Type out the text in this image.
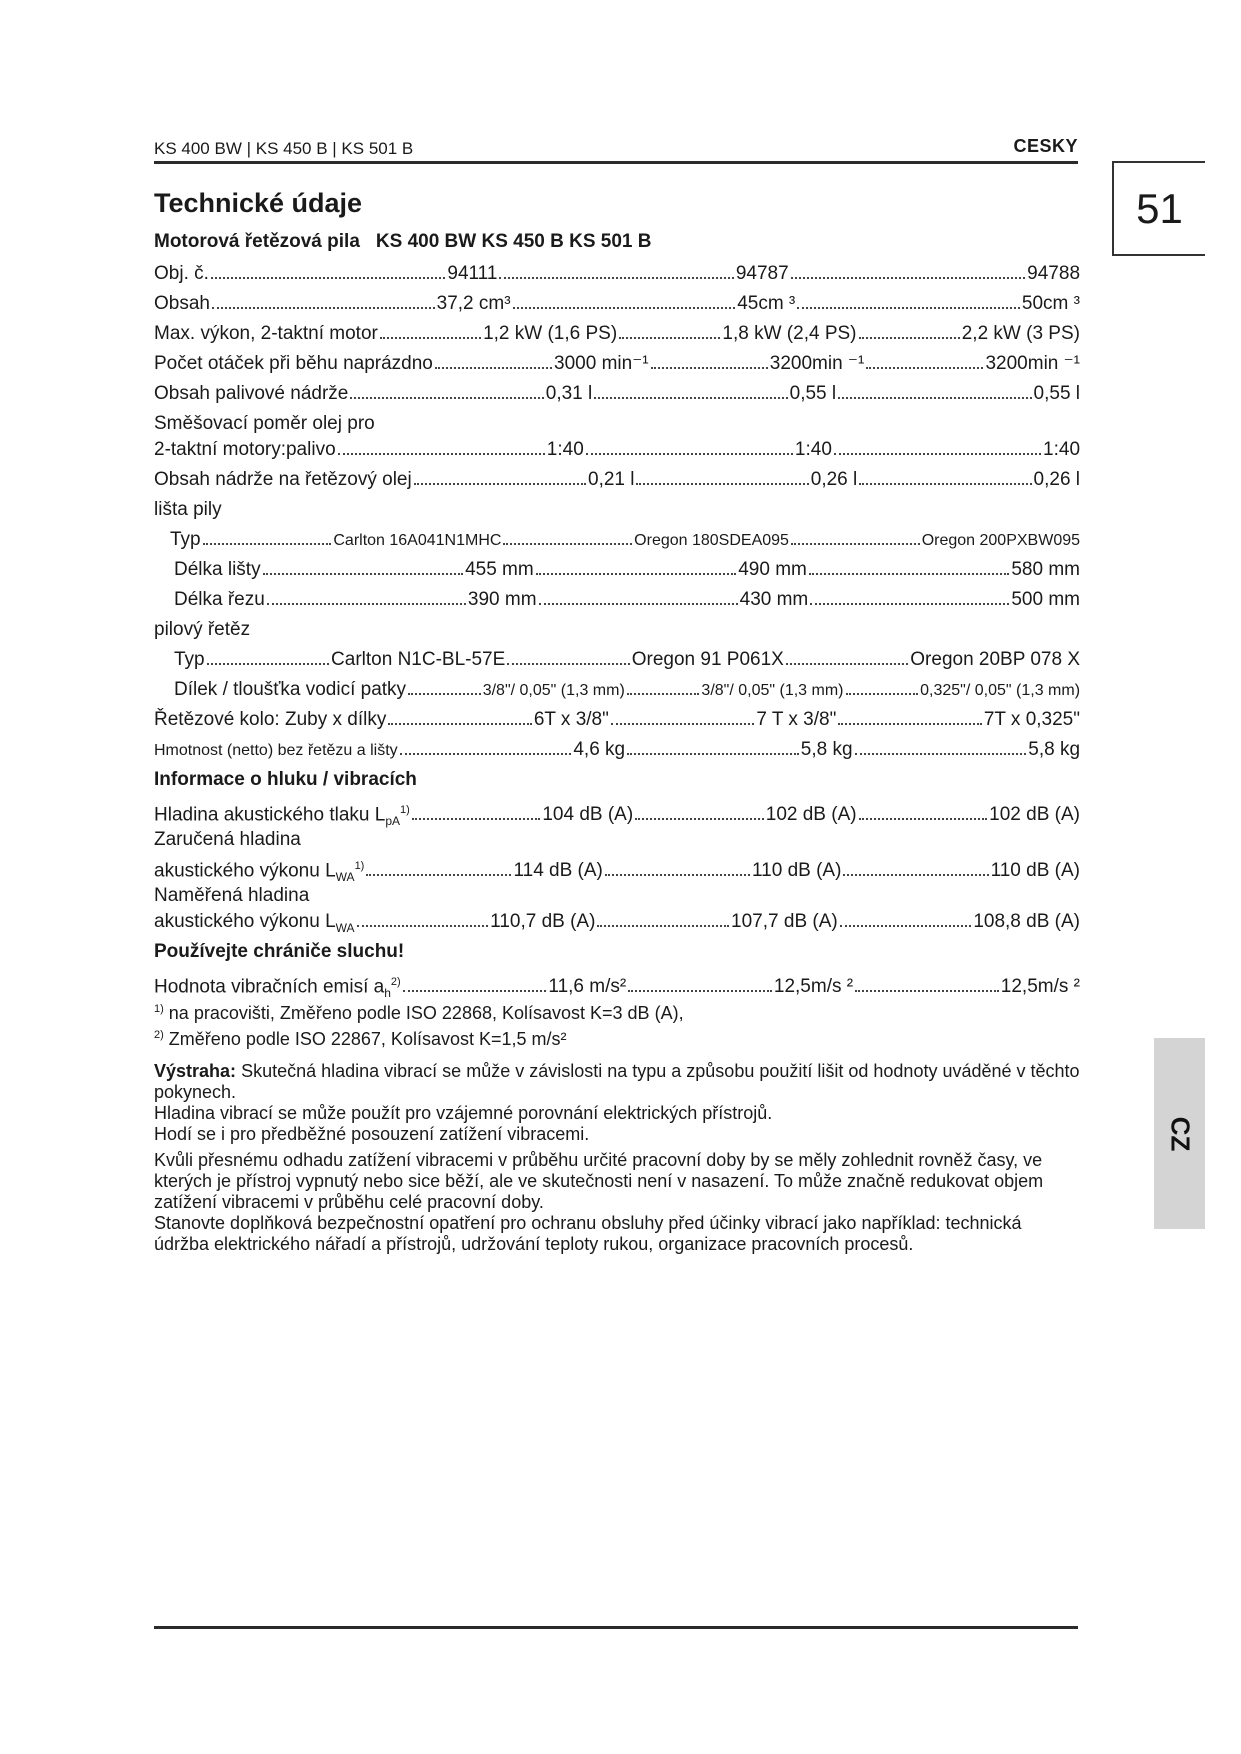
KS 400 BW | KS 450 B | KS 501 B	CESKY
51
CZ
Technické údaje
Motorová řetězová pila KS 400 BW KS 450 B KS 501 B
Obj. č.	94111	94787	94788
Obsah	37,2 cm³	45cm ³	50cm ³
Max. výkon, 2-taktní motor	1,2 kW (1,6 PS)	1,8 kW (2,4 PS)	2,2 kW (3 PS)
Počet otáček při běhu naprázdno	3000 min⁻¹	3200min ⁻¹	3200min ⁻¹
Obsah palivové nádrže	0,31 l	0,55 l	0,55 l
Směšovací poměr olej pro
2-taktní motory:palivo	1:40	1:40	1:40
Obsah nádrže na řetězový olej	0,21 l	0,26 l	0,26 l
lišta pily
Typ	Carlton 16A041N1MHC	Oregon 180SDEA095	Oregon 200PXBW095
Délka lišty	455 mm	490 mm	580 mm
Délka řezu	390 mm	430 mm	500 mm
pilový řetěz
Typ	Carlton N1C-BL-57E	Oregon 91 P061X	Oregon 20BP 078 X
Dílek / tloušťka vodicí patky	3/8"/ 0,05" (1,3 mm)	3/8"/ 0,05" (1,3 mm)	0,325"/ 0,05" (1,3 mm)
Řetězové kolo: Zuby x dílky	6T x 3/8"	7 T x 3/8"	7T x 0,325"
Hmotnost (netto) bez řetězu a lišty	4,6 kg	5,8 kg	5,8 kg
Informace o hluku / vibracích
Hladina akustického tlaku $L_{pA}^{1)}$	104 dB (A)	102 dB (A)	102 dB (A)
Zaručená hladina
akustického výkonu $L_{WA}^{1)}$	114 dB (A)	110 dB (A)	110 dB (A)
Naměřená hladina
akustického výkonu $L_{WA}$	110,7 dB (A)	107,7 dB (A)	108,8 dB (A)
Používejte chrániče sluchu!
Hodnota vibračních emisí $a_h^{2)}$	11,6 m/s²	12,5m/s ²	12,5m/s ²
$^{1)}$ na pracovišti, Změřeno podle ISO 22868, Kolísavost K=3 dB (A),
$^{2)}$ Změřeno podle ISO 22867, Kolísavost K=1,5 m/s²

Výstraha: Skutečná hladina vibrací se může v závislosti na typu a způsobu použití lišit od hodnoty uváděné v těchto pokynech.
Hladina vibrací se může použít pro vzájemné porovnání elektrických přístrojů.
Hodí se i pro předběžné posouzení zatížení vibracemi.

Kvůli přesnému odhadu zatížení vibracemi v průběhu určité pracovní doby by se měly zohlednit rovněž časy, ve kterých je přístroj vypnutý nebo sice běží, ale ve skutečnosti není v nasazení. To může značně redukovat objem zatížení vibracemi v průběhu celé pracovní doby.
Stanovte doplňková bezpečnostní opatření pro ochranu obsluhy před účinky vibrací jako například: technická údržba elektrického nářadí a přístrojů, udržování teploty rukou, organizace pracovních procesů.
